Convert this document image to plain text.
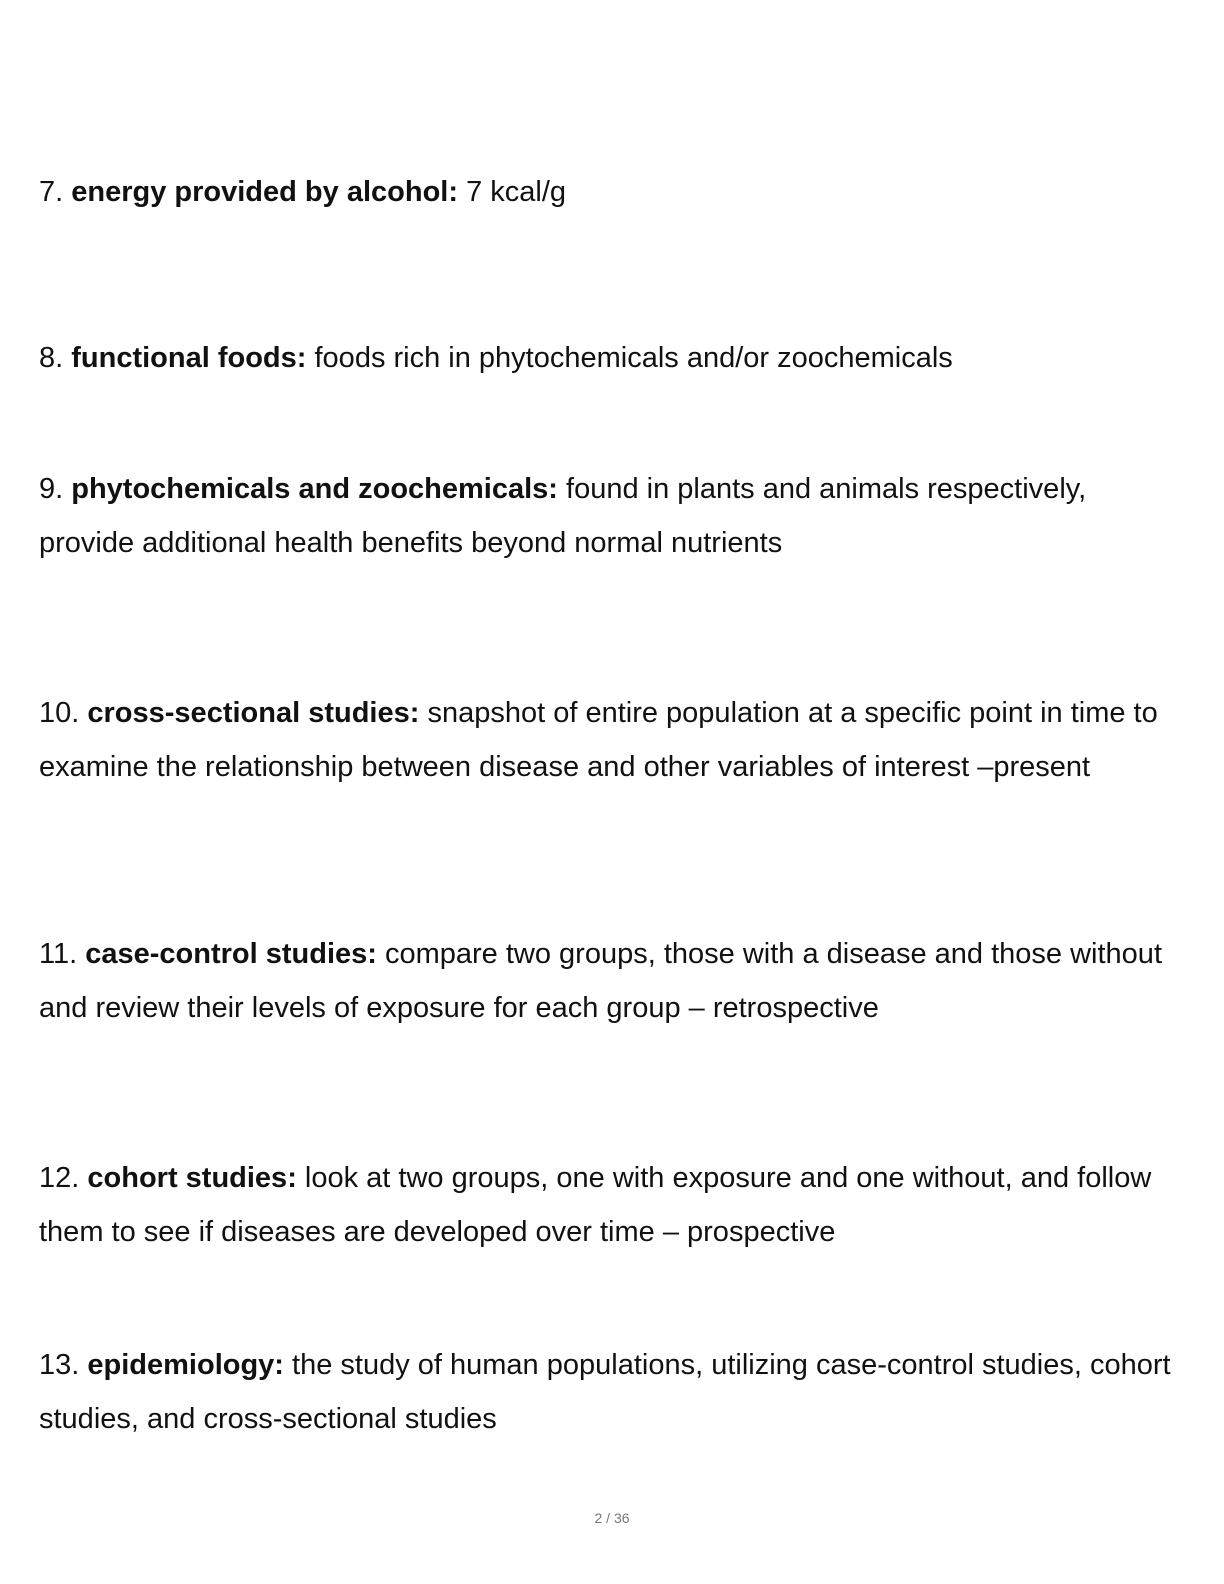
7. energy provided by alcohol: 7 kcal/g

8. functional foods: foods rich in phytochemicals and/or zoochemicals

9. phytochemicals and zoochemicals: found in plants and animals respectively, provide additional health benefits beyond normal nutrients

10. cross-sectional studies: snapshot of entire population at a specific point in time to examine the relationship between disease and other variables of interest –present

11. case-control studies: compare two groups, those with a disease and those without and review their levels of exposure for each group – retrospective

12. cohort studies: look at two groups, one with exposure and one without, and follow them to see if diseases are developed over time – prospective

13. epidemiology: the study of human populations, utilizing case-control studies, cohort studies, and cross-sectional studies

2 / 36
